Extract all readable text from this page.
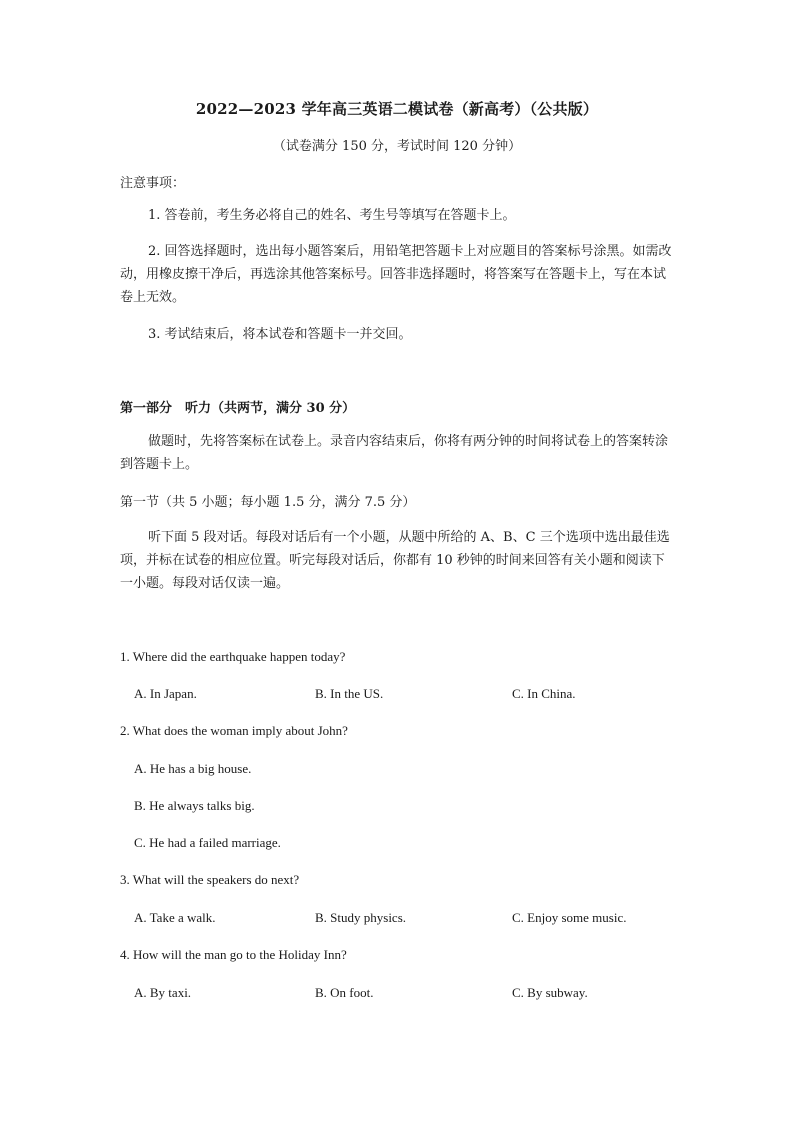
2022—2023 学年高三英语二模试卷（新高考）（公共版）
（试卷满分 150 分，考试时间 120 分钟）
注意事项：
1. 答卷前，考生务必将自己的姓名、考生号等填写在答题卡上。
2. 回答选择题时，选出每小题答案后，用铅笔把答题卡上对应题目的答案标号涂黑。如需改动，用橡皮擦干净后，再选涂其他答案标号。回答非选择题时，将答案写在答题卡上，写在本试卷上无效。
3. 考试结束后，将本试卷和答题卡一并交回。
第一部分　听力（共两节，满分 30 分）
做题时，先将答案标在试卷上。录音内容结束后，你将有两分钟的时间将试卷上的答案转涂到答题卡上。
第一节（共 5 小题；每小题 1.5 分，满分 7.5 分）
听下面 5 段对话。每段对话后有一个小题，从题中所给的 A、B、C 三个选项中选出最佳选项，并标在试卷的相应位置。听完每段对话后，你都有 10 秒钟的时间来回答有关小题和阅读下一小题。每段对话仅读一遍。
1. Where did the earthquake happen today?
A. In Japan.	B. In the US.	C. In China.
2. What does the woman imply about John?
A. He has a big house.
B. He always talks big.
C. He had a failed marriage.
3. What will the speakers do next?
A. Take a walk.	B. Study physics.	C. Enjoy some music.
4. How will the man go to the Holiday Inn?
A. By taxi.	B. On foot.	C. By subway.
